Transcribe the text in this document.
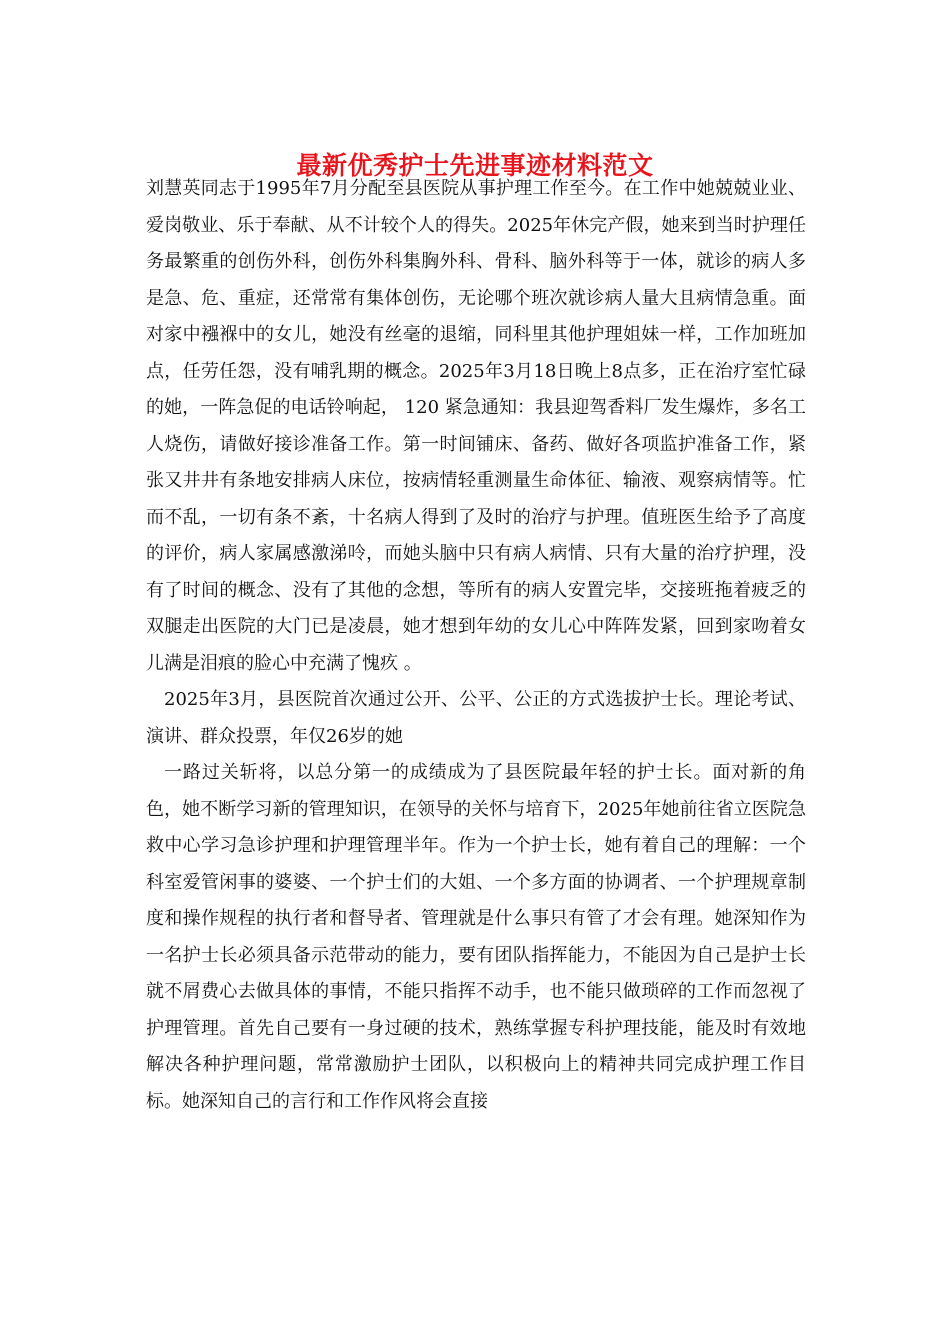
最新优秀护士先进事迹材料范文

刘慧英同志于1995年7月分配至县医院从事护理工作至今。在工作中她兢兢业业、爱岗敬业、乐于奉献、从不计较个人的得失。2025年休完产假，她来到当时护理任务最繁重的创伤外科，创伤外科集胸外科、骨科、脑外科等于一体，就诊的病人多是急、危、重症，还常常有集体创伤，无论哪个班次就诊病人量大且病情急重。面对家中襁褓中的女儿，她没有丝毫的退缩，同科里其他护理姐妹一样，工作加班加点，任劳任怨，没有哺乳期的概念。2025年3月18日晚上8点多，正在治疗室忙碌的她，一阵急促的电话铃响起， 120 紧急通知：我县迎驾香料厂发生爆炸，多名工人烧伤，请做好接诊准备工作。第一时间铺床、备药、做好各项监护准备工作，紧张又井井有条地安排病人床位，按病情轻重测量生命体征、输液、观察病情等。忙而不乱，一切有条不紊，十名病人得到了及时的治疗与护理。值班医生给予了高度的评价，病人家属感激涕呤，而她头脑中只有病人病情、只有大量的治疗护理，没有了时间的概念、没有了其他的念想，等所有的病人安置完毕，交接班拖着疲乏的双腿走出医院的大门已是凌晨，她才想到年幼的女儿心中阵阵发紧，回到家吻着女儿满是泪痕的脸心中充满了愧疚 。

2025年3月，县医院首次通过公开、公平、公正的方式选拔护士长。理论考试、演讲、群众投票，年仅26岁的她

一路过关斩将，以总分第一的成绩成为了县医院最年轻的护士长。面对新的角色，她不断学习新的管理知识，在领导的关怀与培育下，2025年她前往省立医院急救中心学习急诊护理和护理管理半年。作为一个护士长，她有着自己的理解：一个科室爱管闲事的婆婆、一个护士们的大姐、一个多方面的协调者、一个护理规章制度和操作规程的执行者和督导者、管理就是什么事只有管了才会有理。她深知作为一名护士长必须具备示范带动的能力，要有团队指挥能力，不能因为自己是护士长就不屑费心去做具体的事情，不能只指挥不动手，也不能只做琐碎的工作而忽视了护理管理。首先自己要有一身过硬的技术，熟练掌握专科护理技能，能及时有效地解决各种护理问题，常常激励护士团队，以积极向上的精神共同完成护理工作目标。她深知自己的言行和工作作风将会直接
